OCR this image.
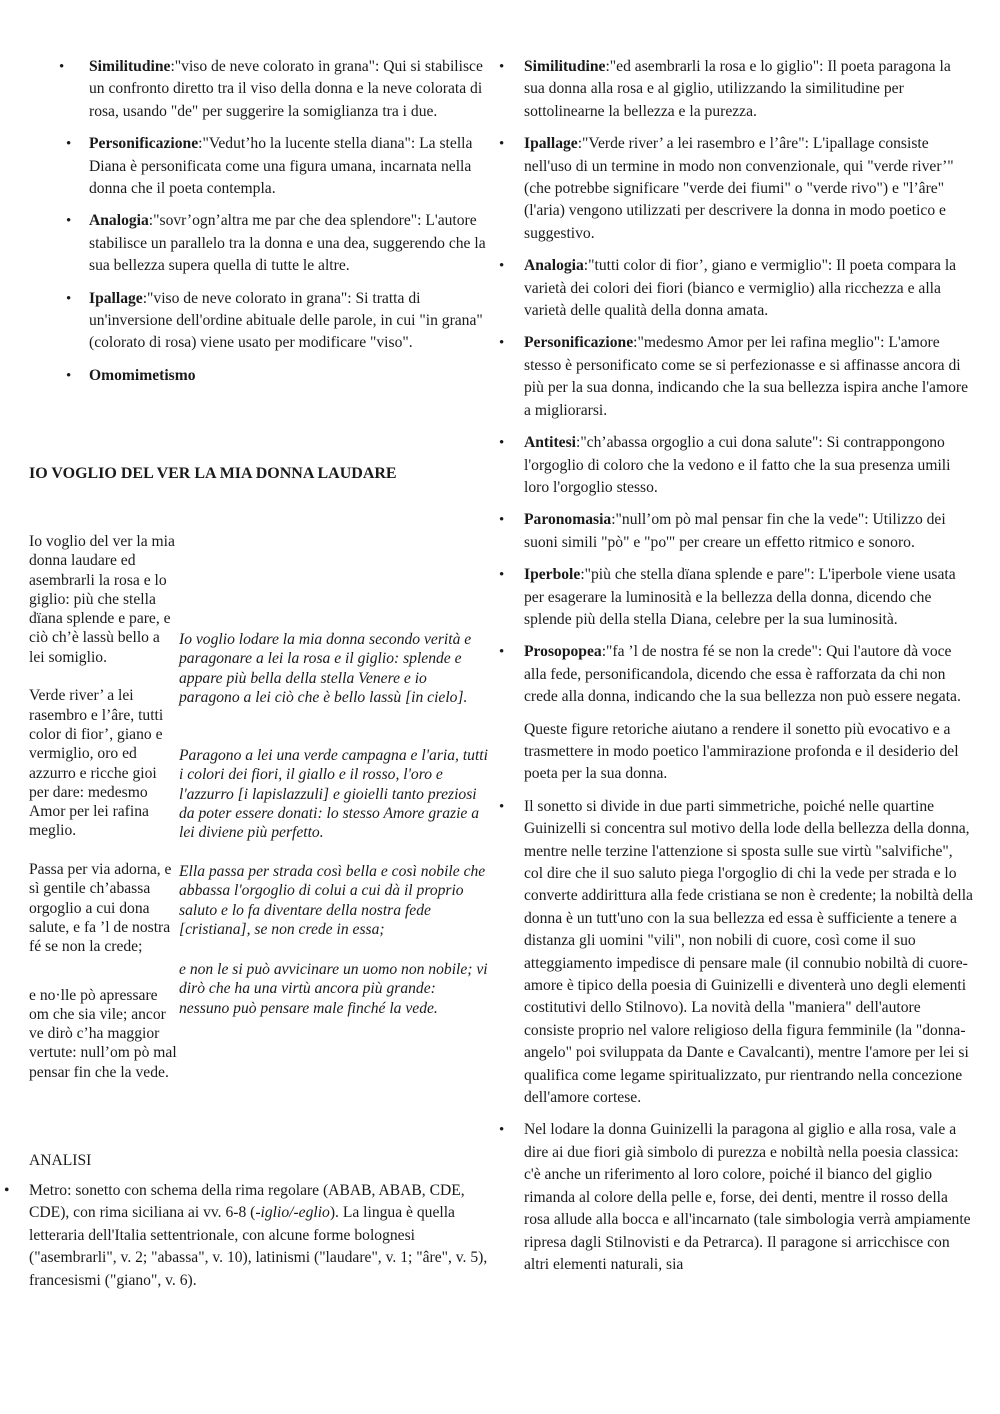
• Similitudine:"viso de neve colorato in grana": Qui si stabilisce un confronto diretto tra il viso della donna e la neve colorata di rosa, usando "de" per suggerire la somiglianza tra i due.
• Personificazione:"Vedut’ho la lucente stella diana": La stella Diana è personificata come una figura umana, incarnata nella donna che il poeta contempla.
• Analogia:"sovr’ogn’altra me par che dea splendore": L'autore stabilisce un parallelo tra la donna e una dea, suggerendo che la sua bellezza supera quella di tutte le altre.
• Ipallage:"viso de neve colorato in grana": Si tratta di un'inversione dell'ordine abituale delle parole, in cui "in grana" (colorato di rosa) viene usato per modificare "viso".
• Omomimetismo
IO VOGLIO DEL VER LA MIA DONNA LAUDARE

Io voglio del ver la mia donna laudare ed asembrarli la rosa e lo giglio: più che stella dïana splende e pare, e ciò ch’è lassù bello a lei somiglio.

Verde river’ a lei rasembro e l’âre, tutti color di fior’, giano e vermiglio, oro ed azzurro e ricche gioi per dare: medesmo Amor per lei rafina meglio.

Passa per via adorna, e sì gentile ch’abassa orgoglio a cui dona salute, e fa ’l de nostra fé se non la crede;

e no·lle pò apressare om che sia vile; ancor ve dirò c’ha maggior vertute: null’om pò mal pensar fin che la vede.

Io voglio lodare la mia donna secondo verità e paragonare a lei la rosa e il giglio: splende e appare più bella della stella Venere e io paragono a lei ciò che è bello lassù [in cielo].
Paragono a lei una verde campagna e l'aria, tutti i colori dei fiori, il giallo e il rosso, l'oro e l'azzurro [i lapislazzuli] e gioielli tanto preziosi da poter essere donati: lo stesso Amore grazie a lei diviene più perfetto.
Ella passa per strada così bella e così nobile che abbassa l'orgoglio di colui a cui dà il proprio saluto e lo fa diventare della nostra fede [cristiana], se non crede in essa;
e non le si può avvicinare un uomo non nobile; vi dirò che ha una virtù ancora più grande: nessuno può pensare male finché la vede.
ANALISI
• Metro: sonetto con schema della rima regolare (ABAB, ABAB, CDE, CDE), con rima siciliana ai vv. 6-8 (-iglio/-eglio). La lingua è quella letteraria dell'Italia settentrionale, con alcune forme bolognesi ("asembrarli", v. 2; "abassa", v. 10), latinismi ("laudare", v. 1; "âre", v. 5), francesismi ("giano", v. 6).
• Similitudine:"ed asembrarli la rosa e lo giglio": Il poeta paragona la sua donna alla rosa e al giglio, utilizzando la similitudine per sottolinearne la bellezza e la purezza.
• Ipallage:"Verde river’ a lei rasembro e l’âre": L'ipallage consiste nell'uso di un termine in modo non convenzionale, qui "verde river’" (che potrebbe significare "verde dei fiumi" o "verde rivo") e "l’âre" (l'aria) vengono utilizzati per descrivere la donna in modo poetico e suggestivo.
• Analogia:"tutti color di fior’, giano e vermiglio": Il poeta compara la varietà dei colori dei fiori (bianco e vermiglio) alla ricchezza e alla varietà delle qualità della donna amata.
• Personificazione:"medesmo Amor per lei rafina meglio": L'amore stesso è personificato come se si perfezionasse e si affinasse ancora di più per la sua donna, indicando che la sua bellezza ispira anche l'amore a migliorarsi.
• Antitesi:"ch’abassa orgoglio a cui dona salute": Si contrappongono l'orgoglio di coloro che la vedono e il fatto che la sua presenza umili loro l'orgoglio stesso.
• Paronomasia:"null’om pò mal pensar fin che la vede": Utilizzo dei suoni simili "pò" e "po'" per creare un effetto ritmico e sonoro.
• Iperbole:"più che stella dïana splende e pare": L'iperbole viene usata per esagerare la luminosità e la bellezza della donna, dicendo che splende più della stella Diana, celebre per la sua luminosità.
• Prosopopea:"fa ’l de nostra fé se non la crede": Qui l'autore dà voce alla fede, personificandola, dicendo che essa è rafforzata da chi non crede alla donna, indicando che la sua bellezza non può essere negata.

Queste figure retoriche aiutano a rendere il sonetto più evocativo e a trasmettere in modo poetico l'ammirazione profonda e il desiderio del poeta per la sua donna.

• Il sonetto si divide in due parti simmetriche, poiché nelle quartine Guinizelli si concentra sul motivo della lode della bellezza della donna, mentre nelle terzine l'attenzione si sposta sulle sue virtù "salvifiche", col dire che il suo saluto piega l'orgoglio di chi la vede per strada e lo converte addirittura alla fede cristiana se non è credente; la nobiltà della donna è un tutt'uno con la sua bellezza ed essa è sufficiente a tenere a distanza gli uomini "vili", non nobili di cuore, così come il suo atteggiamento impedisce di pensare male (il connubio nobiltà di cuore-amore è tipico della poesia di Guinizelli e diventerà uno degli elementi costitutivi dello Stilnovo). La novità della "maniera" dell'autore consiste proprio nel valore religioso della figura femminile (la "donna-angelo" poi sviluppata da Dante e Cavalcanti), mentre l'amore per lei si qualifica come legame spiritualizzato, pur rientrando nella concezione dell'amore cortese.
• Nel lodare la donna Guinizelli la paragona al giglio e alla rosa, vale a dire ai due fiori già simbolo di purezza e nobiltà nella poesia classica: c'è anche un riferimento al loro colore, poiché il bianco del giglio rimanda al colore della pelle e, forse, dei denti, mentre il rosso della rosa allude alla bocca e all'incarnato (tale simbologia verrà ampiamente ripresa dagli Stilnovisti e da Petrarca). Il paragone si arricchisce con altri elementi naturali, sia
